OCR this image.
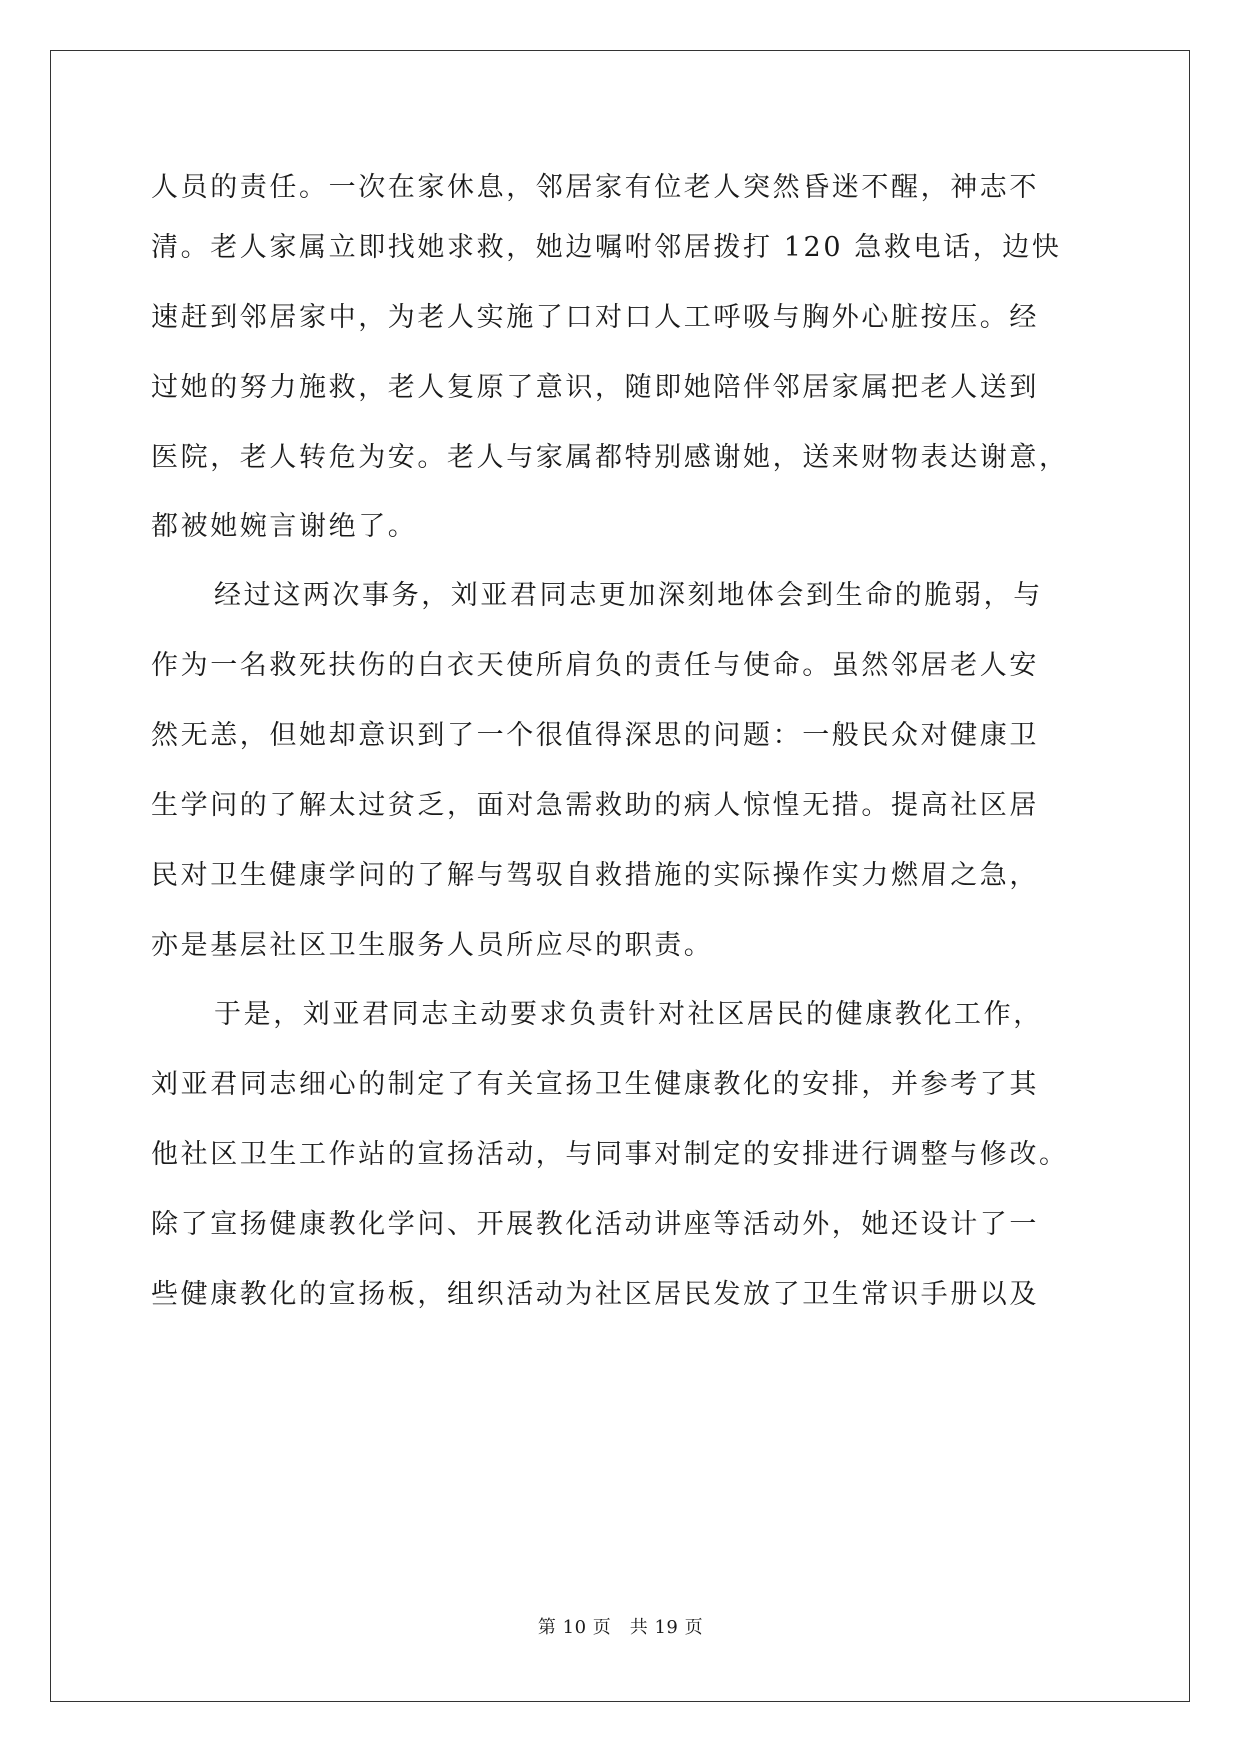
人员的责任。一次在家休息，邻居家有位老人突然昏迷不醒，神志不
清。老人家属立即找她求救，她边嘱咐邻居拨打 120 急救电话，边快
速赶到邻居家中，为老人实施了口对口人工呼吸与胸外心脏按压。经
过她的努力施救，老人复原了意识，随即她陪伴邻居家属把老人送到
医院，老人转危为安。老人与家属都特别感谢她，送来财物表达谢意，
都被她婉言谢绝了。
经过这两次事务，刘亚君同志更加深刻地体会到生命的脆弱，与
作为一名救死扶伤的白衣天使所肩负的责任与使命。虽然邻居老人安
然无恙，但她却意识到了一个很值得深思的问题：一般民众对健康卫
生学问的了解太过贫乏，面对急需救助的病人惊惶无措。提高社区居
民对卫生健康学问的了解与驾驭自救措施的实际操作实力燃眉之急，
亦是基层社区卫生服务人员所应尽的职责。
于是，刘亚君同志主动要求负责针对社区居民的健康教化工作，
刘亚君同志细心的制定了有关宣扬卫生健康教化的安排，并参考了其
他社区卫生工作站的宣扬活动，与同事对制定的安排进行调整与修改。
除了宣扬健康教化学问、开展教化活动讲座等活动外，她还设计了一
些健康教化的宣扬板，组织活动为社区居民发放了卫生常识手册以及
第 10 页　共 19 页
